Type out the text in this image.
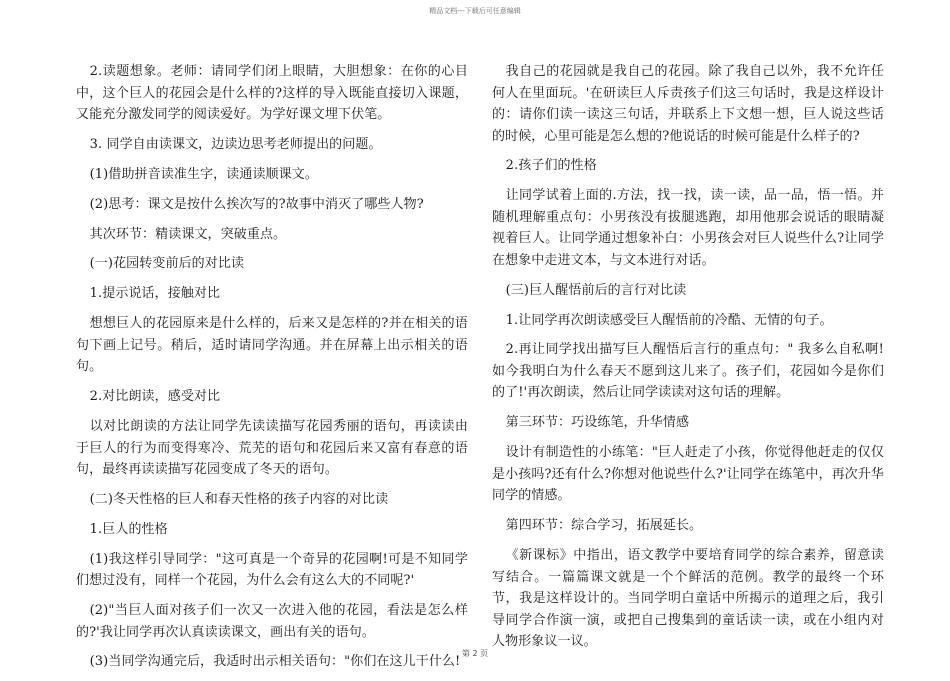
精品文档---下载后可任意编辑

2.读题想象。老师：请同学们闭上眼睛，大胆想象：在你的心目中，这个巨人的花园会是什么样的?这样的导入既能直接切入课题，又能充分激发同学的阅读爱好。为学好课文埋下伏笔。

3. 同学自由读课文，边读边思考老师提出的问题。

(1)借助拼音读准生字，读通读顺课文。

(2)思考：课文是按什么挨次写的?故事中消灭了哪些人物?

其次环节：精读课文，突破重点。

(一)花园转变前后的对比读

1.提示说话，接触对比

想想巨人的花园原来是什么样的，后来又是怎样的?并在相关的语句下画上记号。稍后，适时请同学沟通。并在屏幕上出示相关的语句。

2.对比朗读，感受对比

以对比朗读的方法让同学先读读描写花园秀丽的语句，再读读由于巨人的行为而变得寒冷、荒芜的语句和花园后来又富有春意的语句，最终再读读描写花园变成了冬天的语句。

(二)冬天性格的巨人和春天性格的孩子内容的对比读

1.巨人的性格

(1)我这样引导同学："这可真是一个奇异的花园啊!可是不知同学们想过没有，同样一个花园，为什么会有这么大的不同呢?'

(2)"当巨人面对孩子们一次又一次进入他的花园，看法是怎么样的?'我让同学再次认真读读课文，画出有关的语句。

(3)当同学沟通完后，我适时出示相关语句："你们在这儿干什么!

我自己的花园就是我自己的花园。除了我自己以外，我不允许任何人在里面玩。'在研读巨人斥责孩子们这三句话时，我是这样设计的：请你们读一读这三句话，并联系上下文想一想，巨人说这些话的时候，心里可能是怎么想的?他说话的时候可能是什么样子的?

2.孩子们的性格

让同学试着上面的.方法，找一找，读一读，品一品，悟一悟。并随机理解重点句：小男孩没有拔腿逃跑，却用他那会说话的眼睛凝视着巨人。让同学通过想象补白：小男孩会对巨人说些什么?让同学在想象中走进文本，与文本进行对话。

(三)巨人醒悟前后的言行对比读

1.让同学再次朗读感受巨人醒悟前的冷酷、无情的句子。

2.再让同学找出描写巨人醒悟后言行的重点句：" 我多么自私啊!如今我明白为什么春天不愿到这儿来了。孩子们，花园如今是你们的了!'再次朗读，然后让同学读读对这句话的理解。

第三环节：巧设练笔，升华情感

设计有制造性的小练笔："巨人赶走了小孩，你觉得他赶走的仅仅是小孩吗?还有什么?你想对他说些什么?'让同学在练笔中，再次升华同学的情感。

第四环节：综合学习，拓展延长。

《新课标》中指出，语文教学中要培育同学的综合素养，留意读写结合。一篇篇课文就是一个个鲜活的范例。教学的最终一个环节，我是这样设计的。当同学明白童话中所揭示的道理之后，我引导同学合作演一演，或把自己搜集到的童话读一读，或在小组内对人物形象议一议。

第 2 页
